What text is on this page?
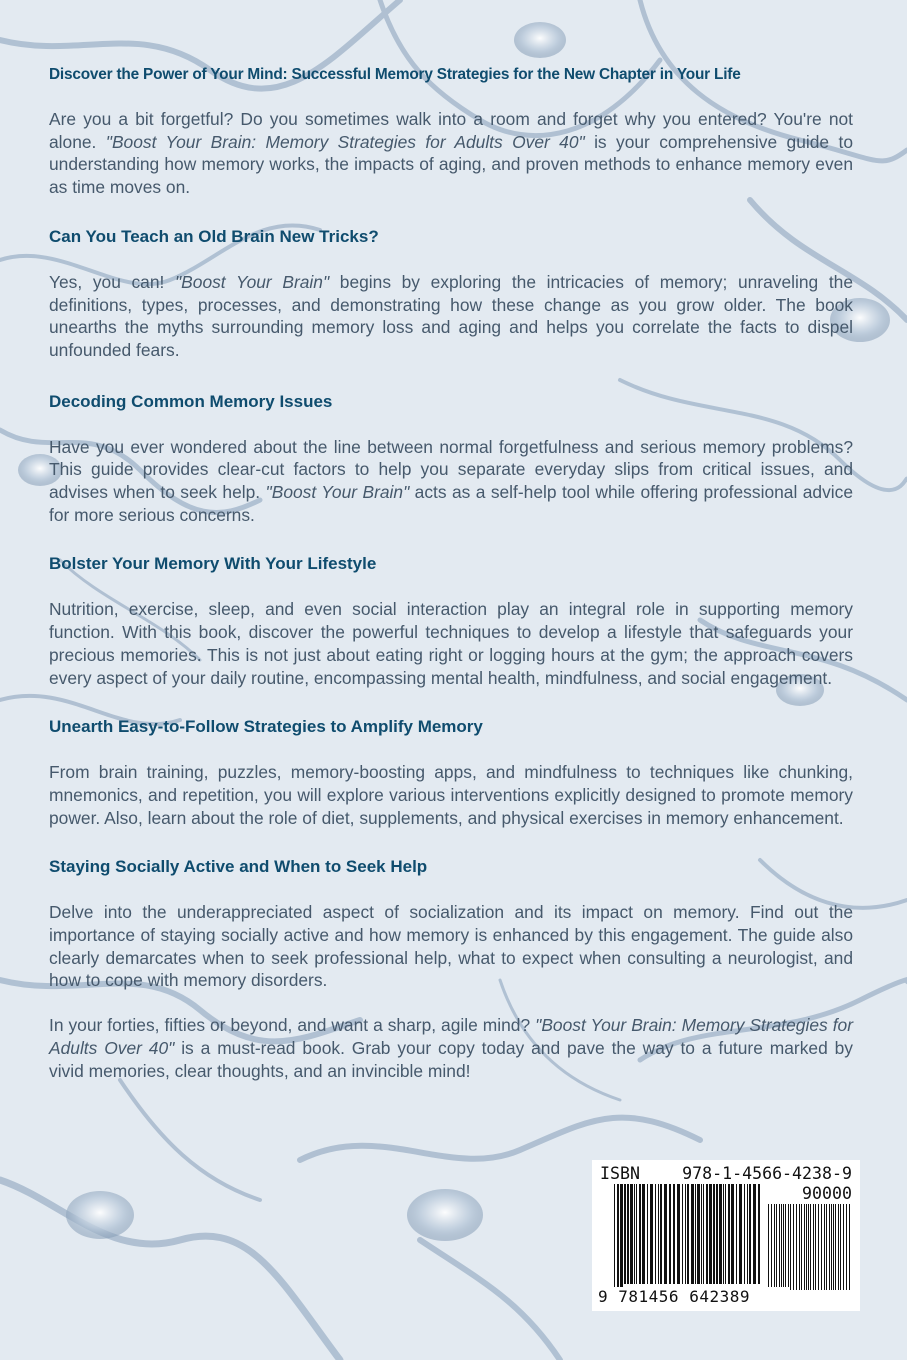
Discover the Power of Your Mind: Successful Memory Strategies for the New Chapter in Your Life

Are you a bit forgetful? Do you sometimes walk into a room and forget why you entered? You're not alone. "Boost Your Brain: Memory Strategies for Adults Over 40" is your comprehensive guide to understanding how memory works, the impacts of aging, and proven methods to enhance memory even as time moves on.

Can You Teach an Old Brain New Tricks?

Yes, you can! "Boost Your Brain" begins by exploring the intricacies of memory; unraveling the definitions, types, processes, and demonstrating how these change as you grow older. The book unearths the myths surrounding memory loss and aging and helps you correlate the facts to dispel unfounded fears.

Decoding Common Memory Issues

Have you ever wondered about the line between normal forgetfulness and serious memory problems? This guide provides clear-cut factors to help you separate everyday slips from critical issues, and advises when to seek help. "Boost Your Brain" acts as a self-help tool while offering professional advice for more serious concerns.

Bolster Your Memory With Your Lifestyle

Nutrition, exercise, sleep, and even social interaction play an integral role in supporting memory function. With this book, discover the powerful techniques to develop a lifestyle that safeguards your precious memories. This is not just about eating right or logging hours at the gym; the approach covers every aspect of your daily routine, encompassing mental health, mindfulness, and social engagement.

Unearth Easy-to-Follow Strategies to Amplify Memory

From brain training, puzzles, memory-boosting apps, and mindfulness to techniques like chunking, mnemonics, and repetition, you will explore various interventions explicitly designed to promote memory power. Also, learn about the role of diet, supplements, and physical exercises in memory enhancement.

Staying Socially Active and When to Seek Help

Delve into the underappreciated aspect of socialization and its impact on memory. Find out the importance of staying socially active and how memory is enhanced by this engagement. The guide also clearly demarcates when to seek professional help, what to expect when consulting a neurologist, and how to cope with memory disorders.

In your forties, fifties or beyond, and want a sharp, agile mind? "Boost Your Brain: Memory Strategies for Adults Over 40" is a must-read book. Grab your copy today and pave the way to a future marked by vivid memories, clear thoughts, and an invincible mind!

ISBN 978-1-4566-4238-9
90000
9 781456 642389
